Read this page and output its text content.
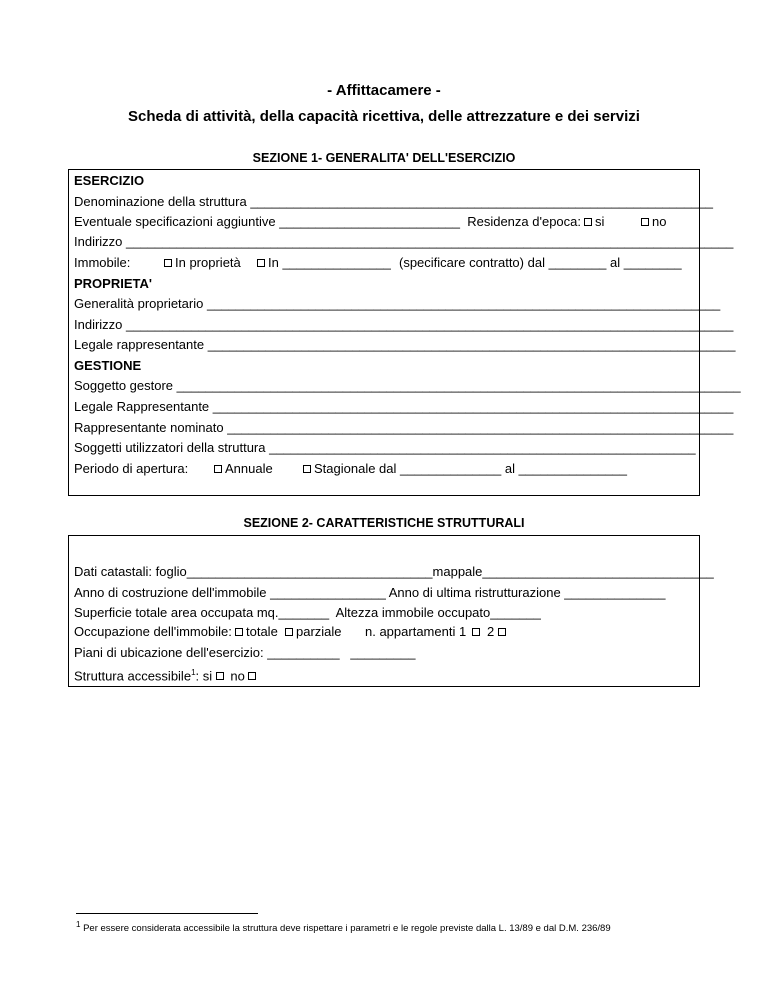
- Affittacamere -
Scheda di attività, della capacità ricettiva, delle attrezzature e dei servizi
SEZIONE 1- GENERALITA' DELL'ESERCIZIO
ESERCIZIO
Denominazione della struttura ________________________________________________________________
Eventuale specificazioni aggiuntive _________________________  Residenza d'epoca:	si	no
Indirizzo ____________________________________________________________________________________
Immobile:	In proprietà	In _______________ (specificare contratto) dal ________ al ________
PROPRIETA'
Generalità proprietario _______________________________________________________________________
Indirizzo ____________________________________________________________________________________
Legale rappresentante _________________________________________________________________________
GESTIONE
Soggetto gestore ______________________________________________________________________________
Legale Rappresentante ________________________________________________________________________
Rappresentante nominato ______________________________________________________________________
Soggetti utilizzatori della struttura ___________________________________________________________
Periodo di apertura:	Annuale	Stagionale dal ______________ al _______________
SEZIONE 2- CARATTERISTICHE STRUTTURALI
Dati catastali: foglio__________________________________mappale________________________________
Anno di costruzione dell'immobile ________________ Anno di ultima ristrutturazione ______________
Superficie totale area occupata mq._______  Altezza immobile occupato_______
Occupazione dell'immobile:	totale	parziale n. appartamenti 1 2
Piani di ubicazione dell'esercizio: __________   _________
Struttura accessibile$^1$: si no
$^1$ Per essere considerata accessibile la struttura deve rispettare i parametri e le regole previste dalla L. 13/89 e dal D.M. 236/89
